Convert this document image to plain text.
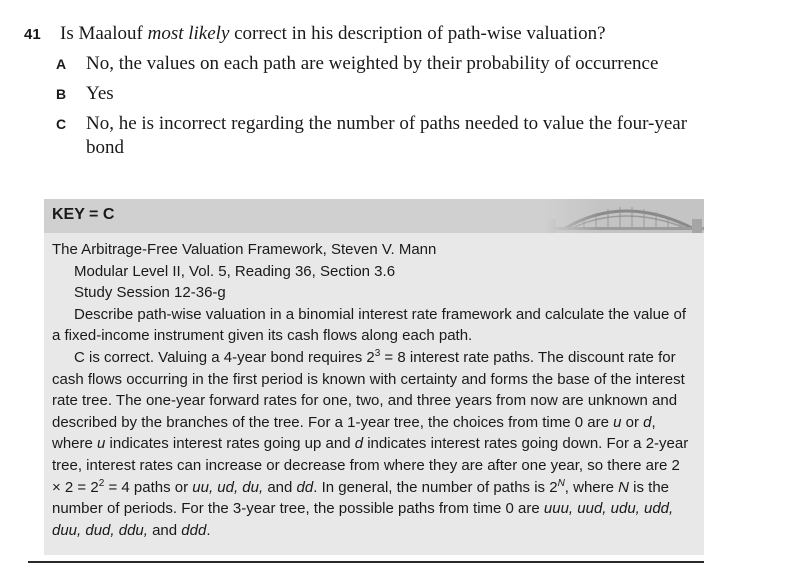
41 Is Maalouf most likely correct in his description of path-wise valuation?
A No, the values on each path are weighted by their probability of occurrence
B Yes
C No, he is incorrect regarding the number of paths needed to value the four-year bond
KEY = C
The Arbitrage-Free Valuation Framework, Steven V. Mann
Modular Level II, Vol. 5, Reading 36, Section 3.6
Study Session 12-36-g
Describe path-wise valuation in a binomial interest rate framework and calculate the value of a fixed-income instrument given its cash flows along each path.
C is correct. Valuing a 4-year bond requires $2^3 = 8$ interest rate paths. The discount rate for cash flows occurring in the first period is known with certainty and forms the base of the interest rate tree. The one-year forward rates for one, two, and three years from now are unknown and described by the branches of the tree. For a 1-year tree, the choices from time 0 are u or d, where u indicates interest rates going up and d indicates interest rates going down. For a 2-year tree, interest rates can increase or decrease from where they are after one year, so there are $2 \times 2 = 2^2 = 4$ paths or uu, ud, du, and dd. In general, the number of paths is $2^N$, where N is the number of periods. For the 3-year tree, the possible paths from time 0 are uuu, uud, udu, udd, duu, dud, ddu, and ddd.
